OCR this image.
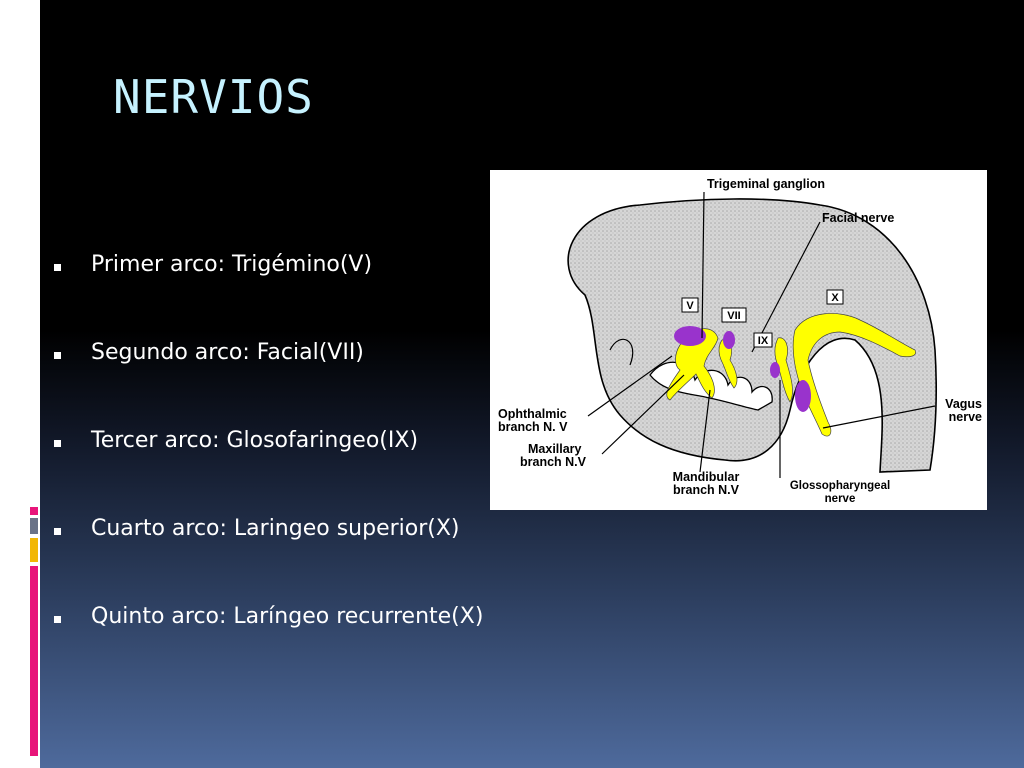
NERVIOS
Primer arco: Trigémino(V)
Segundo arco: Facial(VII)
Tercer arco: Glosofaringeo(IX)
Cuarto arco: Laringeo superior(X)
Quinto arco: Laríngeo recurrente(X)
V
VII
IX
X
Trigeminal ganglion
Facial nerve
Ophthalmic
branch N. V
Maxillary
branch N.V
Mandibular
branch N.V	Glossopharyngeal
nerve
Vagus
nerve
